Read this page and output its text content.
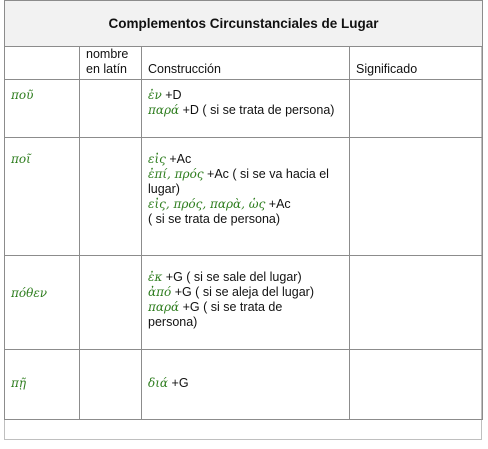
Complementos Circunstanciales de Lugar			

	nombre en latín	Construcción	Significado

ποῦ		ἐν +D
παρά +D ( si se trata de persona)	

ποῖ		εἰς +Ac
ἐπί, πρός +Ac ( si se va hacia el
lugar)
εἰς, πρός, παρὰ, ὡς +Ac
( si se trata de persona)	

πόθεν		ἐκ +G ( si se sale del lugar)
ἀπό +G ( si se aleja del lugar)
παρά +G ( si se trata de
persona)	

πῇ		διά +G	
